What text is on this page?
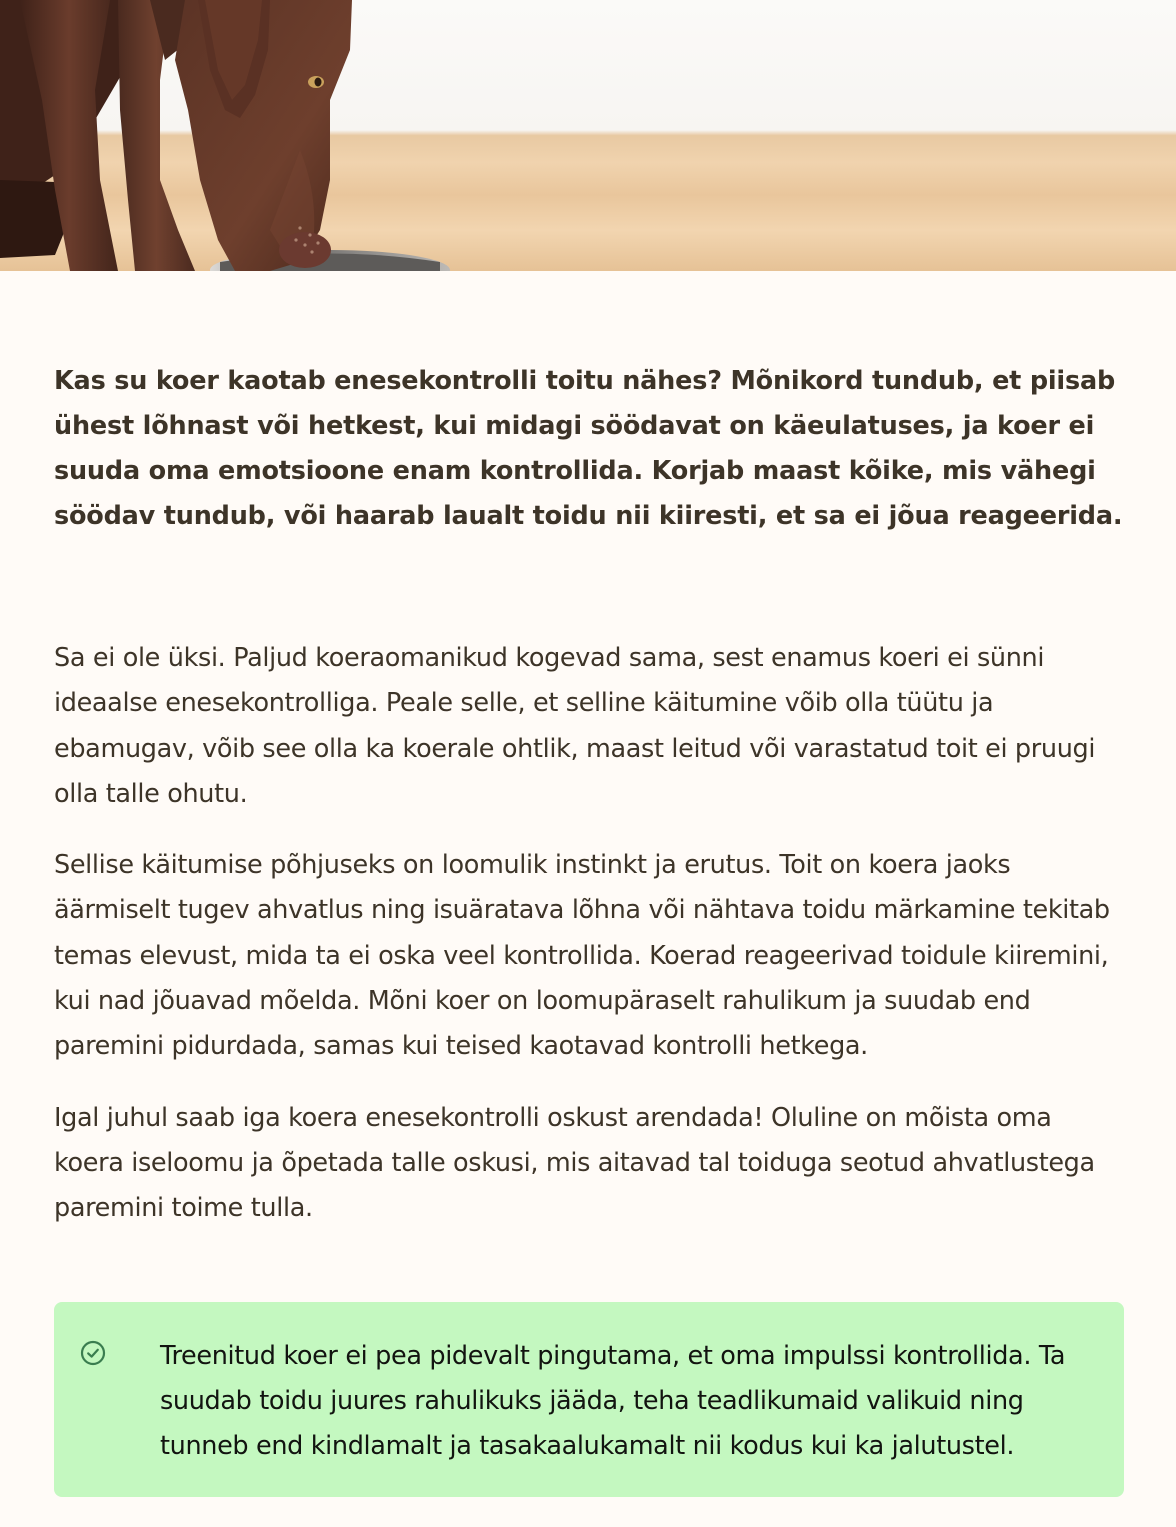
Kas su koer kaotab enesekontrolli toitu nähes? Mõnikord tundub, et piisab ühest lõhnast või hetkest, kui midagi söödavat on käeulatuses, ja koer ei suuda oma emotsioone enam kontrollida. Korjab maast kõike, mis vähegi söödav tundub, või haarab laualt toidu nii kiiresti, et sa ei jõua reageerida.

Sa ei ole üksi. Paljud koeraomanikud kogevad sama, sest enamus koeri ei sünni ideaalse enesekontrolliga. Peale selle, et selline käitumine võib olla tüütu ja ebamugav, võib see olla ka koerale ohtlik, maast leitud või varastatud toit ei pruugi olla talle ohutu.

Sellise käitumise põhjuseks on loomulik instinkt ja erutus. Toit on koera jaoks äärmiselt tugev ahvatlus ning isuäratava lõhna või nähtava toidu märkamine tekitab temas elevust, mida ta ei oska veel kontrollida. Koerad reageerivad toidule kiiremini, kui nad jõuavad mõelda. Mõni koer on loomupäraselt rahulikum ja suudab end paremini pidurdada, samas kui teised kaotavad kontrolli hetkega.

Igal juhul saab iga koera enesekontrolli oskust arendada! Oluline on mõista oma koera iseloomu ja õpetada talle oskusi, mis aitavad tal toiduga seotud ahvatlustega paremini toime tulla.

Treenitud koer ei pea pidevalt pingutama, et oma impulssi kontrollida. Ta suudab toidu juures rahulikuks jääda, teha teadlikumaid valikuid ning tunneb end kindlamalt ja tasakaalukamalt nii kodus kui ka jalutustel.
